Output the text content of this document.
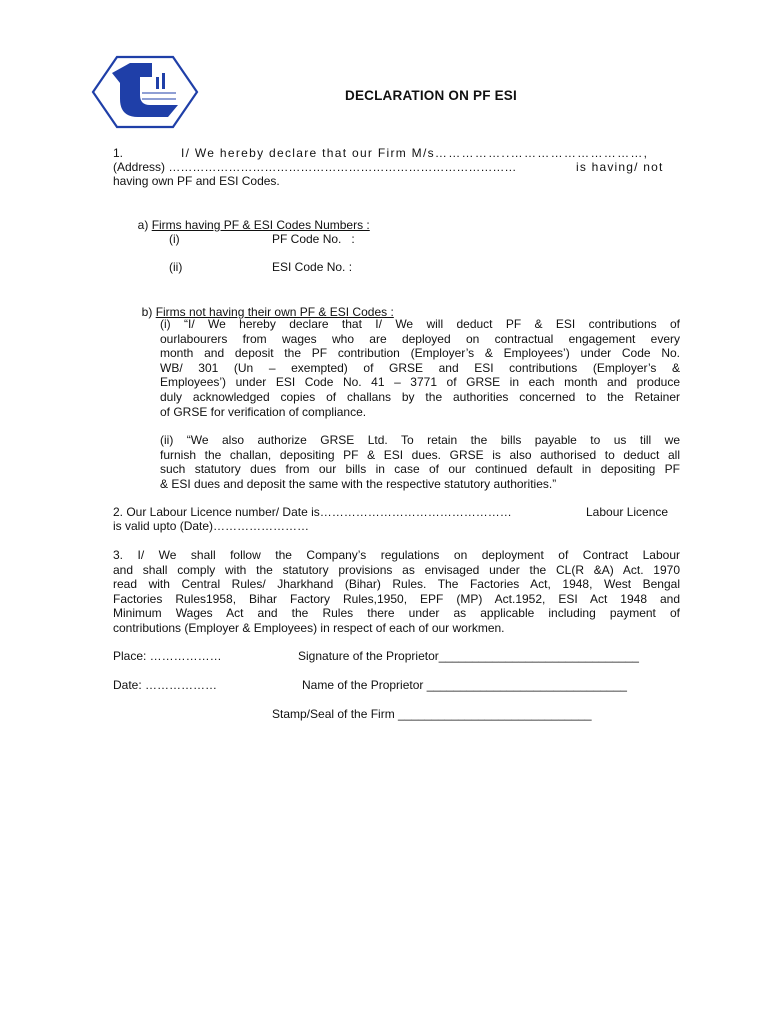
DECLARATION ON PF ESI
1.	I/ We hereby declare that our Firm M/s……………..…………………………,
(Address) ……………………………………………………………………………	is having/ not
having own PF and ESI Codes.

a) Firms having PF & ESI Codes Numbers :

(i)	PF Code No.   :
(ii)	ESI Code No. :

b) Firms not having their own PF & ESI Codes :

(i) “I/ We hereby declare that I/ We will deduct PF & ESI contributions of
ourlabourers from wages who are deployed on contractual engagement every
month and deposit the PF contribution (Employer’s & Employees’) under Code No.
WB/ 301 (Un – exempted) of GRSE and ESI contributions (Employer’s &
Employees’) under ESI Code No. 41 – 3771 of GRSE in each month and produce
duly acknowledged copies of challans by the authorities concerned to the Retainer
of GRSE for verification of compliance.
(ii) “We also authorize GRSE Ltd. To retain the bills payable to us till we
furnish the challan, depositing PF & ESI dues. GRSE is also authorised to deduct all
such statutory dues from our bills in case of our continued default in depositing PF
& ESI dues and deposit the same with the respective statutory authorities.”
2. Our Labour Licence number/ Date is…………………………………………	Labour Licence
is valid upto (Date)……………………
3. I/ We shall follow the Company’s regulations on deployment of Contract Labour
and shall comply with the statutory provisions as envisaged under the CL(R &A) Act. 1970
read with Central Rules/ Jharkhand (Bihar) Rules. The Factories Act, 1948, West Bengal
Factories Rules1958, Bihar Factory Rules,1950, EPF (MP) Act.1952, ESI Act 1948 and
Minimum Wages Act and the Rules there under as applicable including payment of
contributions (Employer & Employees) in respect of each of our workmen.
Place: ………………	Signature of the Proprietor______________________________
Date: ………………	Name of the Proprietor ______________________________
Stamp/Seal of the Firm _____________________________
